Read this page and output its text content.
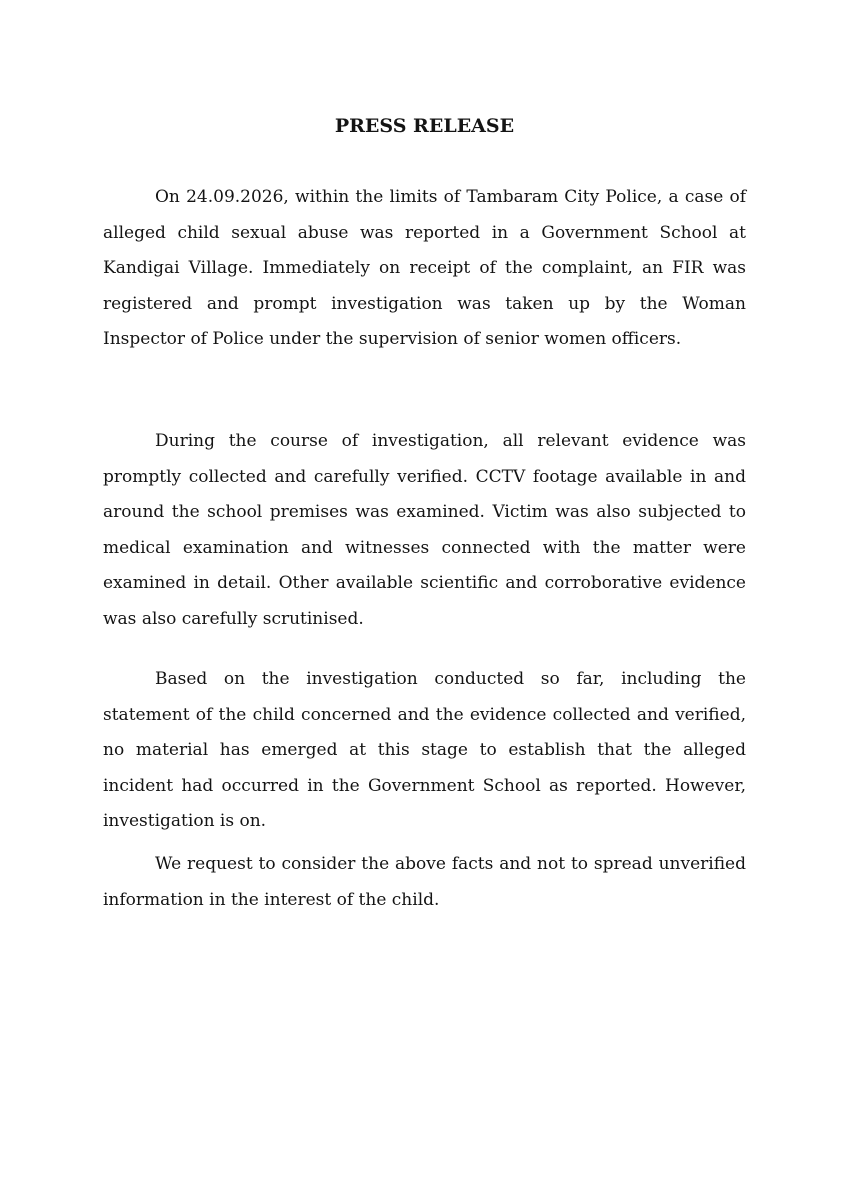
PRESS RELEASE

On 24.09.2026, within the limits of Tambaram City Police, a case of alleged child sexual abuse was reported in a Government School at Kandigai Village. Immediately on receipt of the complaint, an FIR was registered and prompt investigation was taken up by the Woman Inspector of Police under the supervision of senior women officers.

During the course of investigation, all relevant evidence was promptly collected and carefully verified. CCTV footage available in and around the school premises was examined. Victim was also subjected to medical examination and witnesses connected with the matter were examined in detail. Other available scientific and corroborative evidence was also carefully scrutinised.

Based on the investigation conducted so far, including the statement of the child concerned and the evidence collected and verified, no material has emerged at this stage to establish that the alleged incident had occurred in the Government School as reported. However, investigation is on.

We request to consider the above facts and not to spread unverified information in the interest of the child.
